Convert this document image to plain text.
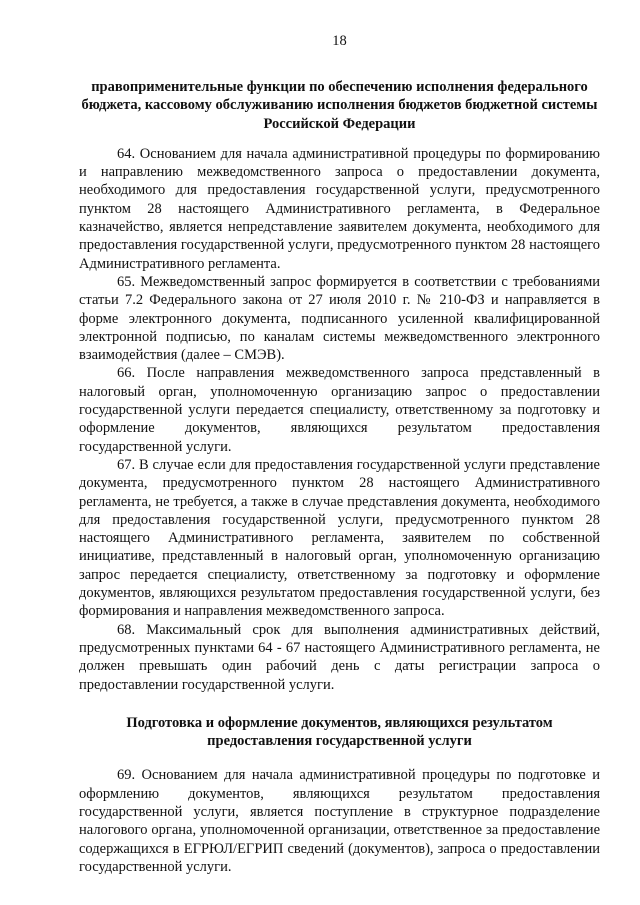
18
правоприменительные функции по обеспечению исполнения федерального бюджета, кассовому обслуживанию исполнения бюджетов бюджетной системы Российской Федерации

64. Основанием для начала административной процедуры по формированию и направлению межведомственного запроса о предоставлении документа, необходимого для предоставления государственной услуги, предусмотренного пунктом 28 настоящего Административного регламента, в Федеральное казначейство, является непредставление заявителем документа, необходимого для предоставления государственной услуги, предусмотренного пунктом 28 настоящего Административного регламента.

65. Межведомственный запрос формируется в соответствии с требованиями статьи 7.2 Федерального закона от 27 июля 2010 г. № 210-ФЗ и направляется в форме электронного документа, подписанного усиленной квалифицированной электронной подписью, по каналам системы межведомственного электронного взаимодействия (далее – СМЭВ).

66. После направления межведомственного запроса представленный в налоговый орган, уполномоченную организацию запрос о предоставлении государственной услуги передается специалисту, ответственному за подготовку и оформление документов, являющихся результатом предоставления государственной услуги.

67. В случае если для предоставления государственной услуги представление документа, предусмотренного пунктом 28 настоящего Административного регламента, не требуется, а также в случае представления документа, необходимого для предоставления государственной услуги, предусмотренного пунктом 28 настоящего Административного регламента, заявителем по собственной инициативе, представленный в налоговый орган, уполномоченную организацию запрос передается специалисту, ответственному за подготовку и оформление документов, являющихся результатом предоставления государственной услуги, без формирования и направления межведомственного запроса.

68. Максимальный срок для выполнения административных действий, предусмотренных пунктами 64 - 67 настоящего Административного регламента, не должен превышать один рабочий день с даты регистрации запроса о предоставлении государственной услуги.

Подготовка и оформление документов, являющихся результатом предоставления государственной услуги

69. Основанием для начала административной процедуры по подготовке и оформлению документов, являющихся результатом предоставления государственной услуги, является поступление в структурное подразделение налогового органа, уполномоченной организации, ответственное за предоставление содержащихся в ЕГРЮЛ/ЕГРИП сведений (документов), запроса о предоставлении государственной услуги.
